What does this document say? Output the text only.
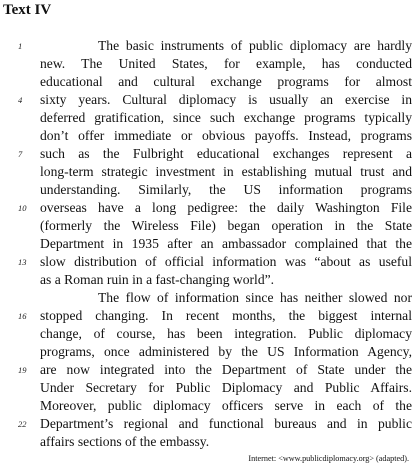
Text IV
1
4
7
10
13
16
19
22
The basic instruments of public diplomacy are hardly
new. The United States, for example, has conducted
educational and cultural exchange programs for almost
sixty years. Cultural diplomacy is usually an exercise in
deferred gratification, since such exchange programs typically
don’t offer immediate or obvious payoffs. Instead, programs
such as the Fulbright educational exchanges represent a
long-term strategic investment in establishing mutual trust and
understanding. Similarly, the US information programs
overseas have a long pedigree: the daily Washington File
(formerly the Wireless File) began operation in the State
Department in 1935 after an ambassador complained that the
slow distribution of official information was “about as useful
as a Roman ruin in a fast-changing world”.
The flow of information since has neither slowed nor
stopped changing. In recent months, the biggest internal
change, of course, has been integration. Public diplomacy
programs, once administered by the US Information Agency,
are now integrated into the Department of State under the
Under Secretary for Public Diplomacy and Public Affairs.
Moreover, public diplomacy officers serve in each of the
Department’s regional and functional bureaus and in public
affairs sections of the embassy.
Internet: <www.publicdiplomacy.org> (adapted).
